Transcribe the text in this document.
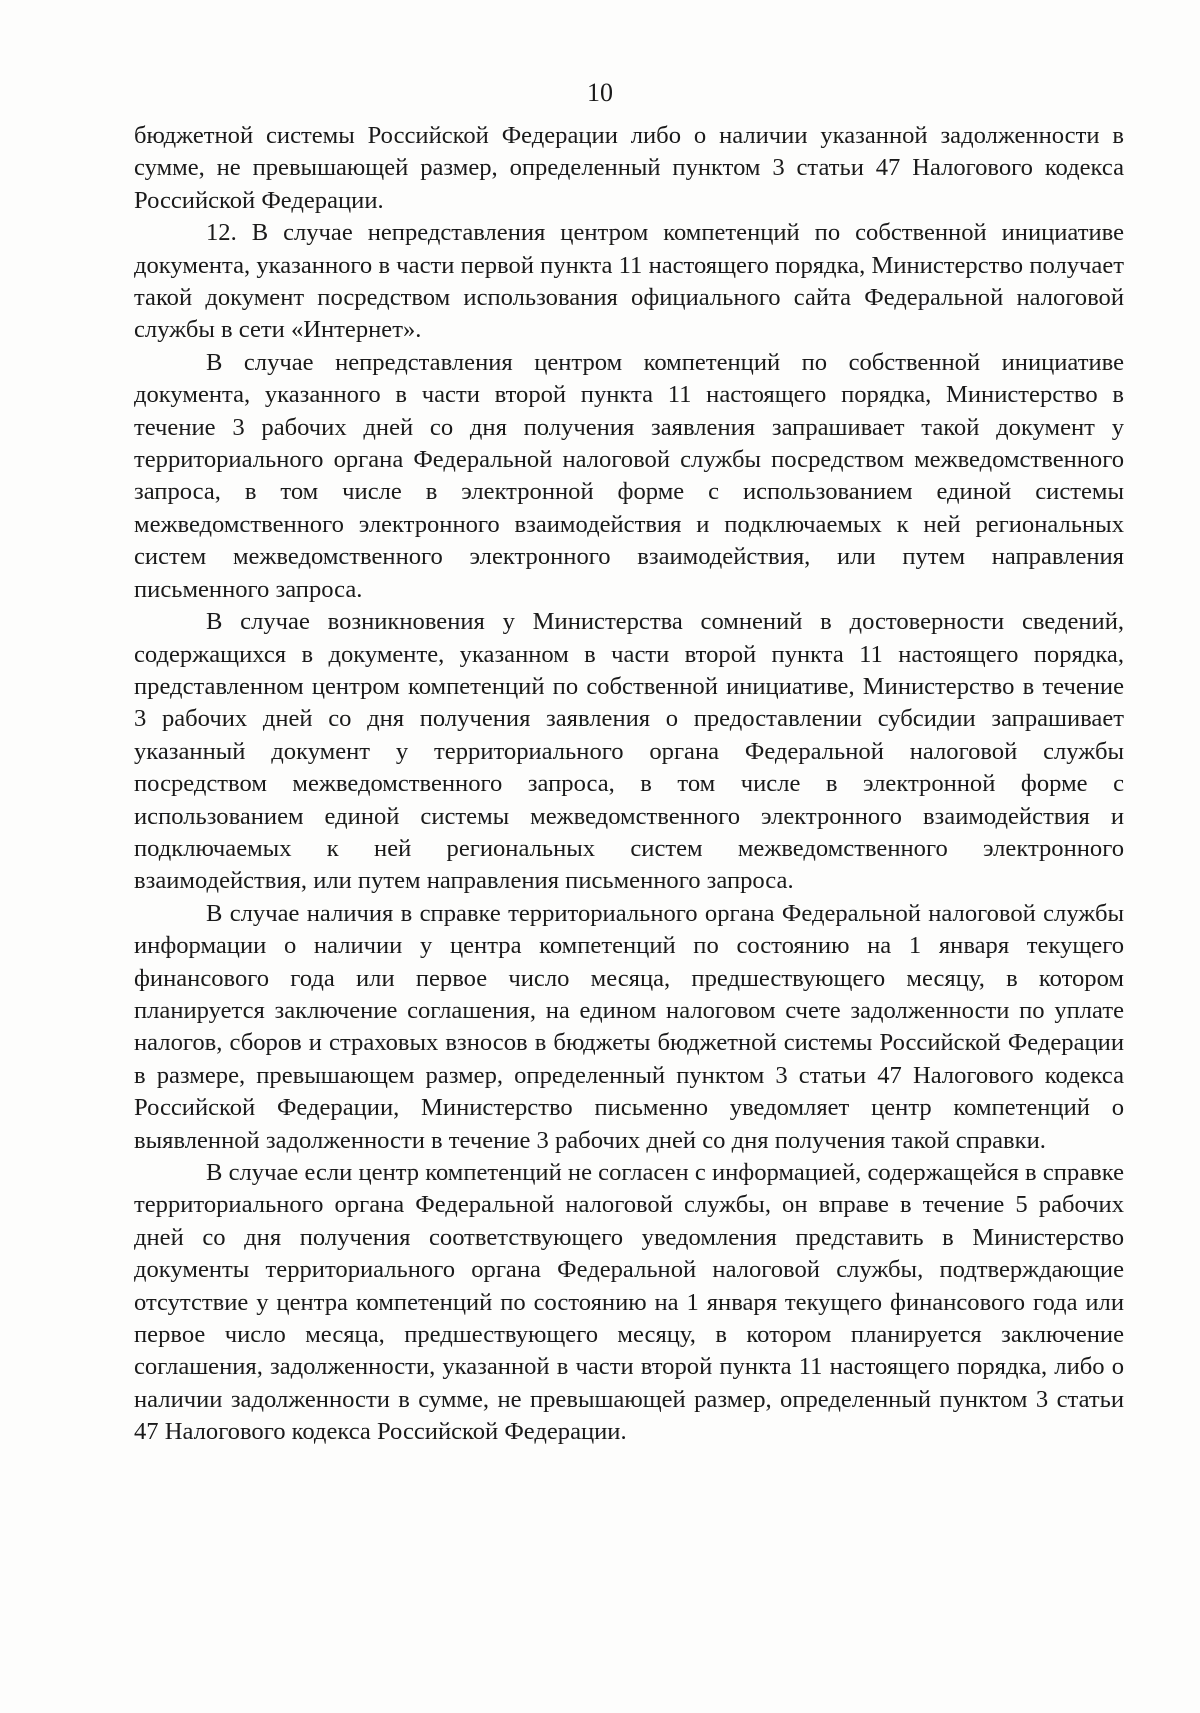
10

бюджетной системы Российской Федерации либо о наличии указанной задолженности в сумме, не превышающей размер, определенный пунктом 3 статьи 47 Налогового кодекса Российской Федерации.

12. В случае непредставления центром компетенций по собственной инициативе документа, указанного в части первой пункта 11 настоящего порядка, Министерство получает такой документ посредством использования официального сайта Федеральной налоговой службы в сети «Интернет».

В случае непредставления центром компетенций по собственной инициативе документа, указанного в части второй пункта 11 настоящего порядка, Министерство в течение 3 рабочих дней со дня получения заявления запрашивает такой документ у территориального органа Федеральной налоговой службы посредством межведомственного запроса, в том числе в электронной форме с использованием единой системы межведомственного электронного взаимодействия и подключаемых к ней региональных систем межведомственного электронного взаимодействия, или путем направления письменного запроса.

В случае возникновения у Министерства сомнений в достоверности сведений, содержащихся в документе, указанном в части второй пункта 11 настоящего порядка, представленном центром компетенций по собственной инициативе, Министерство в течение 3 рабочих дней со дня получения заявления о предоставлении субсидии запрашивает указанный документ у территориального органа Федеральной налоговой службы посредством межведомственного запроса, в том числе в электронной форме с использованием единой системы межведомственного электронного взаимодействия и подключаемых к ней региональных систем межведомственного электронного взаимодействия, или путем направления письменного запроса.

В случае наличия в справке территориального органа Федеральной налоговой службы информации о наличии у центра компетенций по состоянию на 1 января текущего финансового года или первое число месяца, предшествующего месяцу, в котором планируется заключение соглашения, на едином налоговом счете задолженности по уплате налогов, сборов и страховых взносов в бюджеты бюджетной системы Российской Федерации в размере, превышающем размер, определенный пунктом 3 статьи 47 Налогового кодекса Российской Федерации, Министерство письменно уведомляет центр компетенций о выявленной задолженности в течение 3 рабочих дней со дня получения такой справки.

В случае если центр компетенций не согласен с информацией, содержащейся в справке территориального органа Федеральной налоговой службы, он вправе в течение 5 рабочих дней со дня получения соответствующего уведомления представить в Министерство документы территориального органа Федеральной налоговой службы, подтверждающие отсутствие у центра компетенций по состоянию на 1 января текущего финансового года или первое число месяца, предшествующего месяцу, в котором планируется заключение соглашения, задолженности, указанной в части второй пункта 11 настоящего порядка, либо о наличии задолженности в сумме, не превышающей размер, определенный пунктом 3 статьи 47 Налогового кодекса Российской Федерации.
